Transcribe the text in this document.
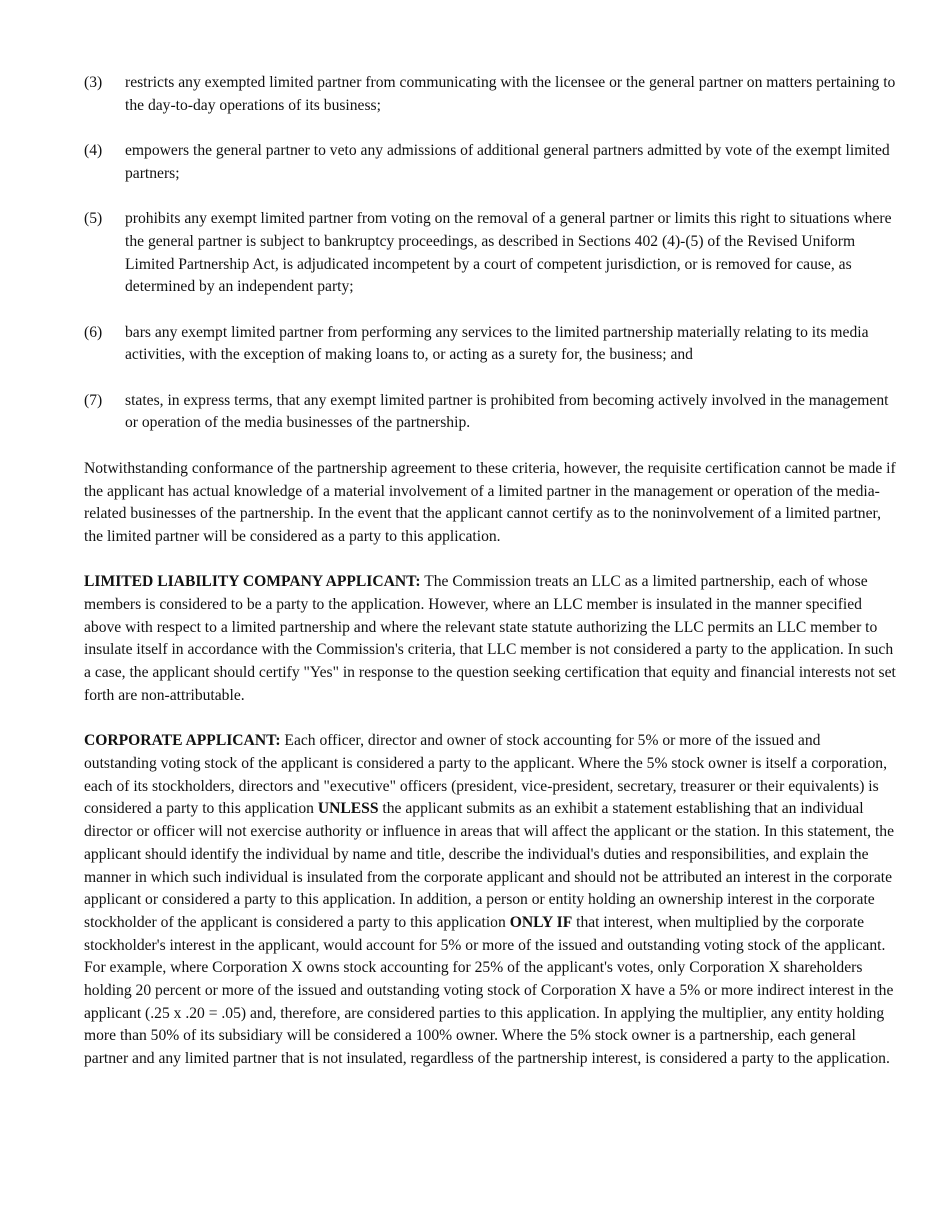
(3) restricts any exempted limited partner from communicating with the licensee or the general partner on matters pertaining to the day-to-day operations of its business;
(4) empowers the general partner to veto any admissions of additional general partners admitted by vote of the exempt limited partners;
(5) prohibits any exempt limited partner from voting on the removal of a general partner or limits this right to situations where the general partner is subject to bankruptcy proceedings, as described in Sections 402 (4)-(5) of the Revised Uniform Limited Partnership Act, is adjudicated incompetent by a court of competent jurisdiction, or is removed for cause, as determined by an independent party;
(6) bars any exempt limited partner from performing any services to the limited partnership materially relating to its media activities, with the exception of making loans to, or acting as a surety for, the business; and
(7) states, in express terms, that any exempt limited partner is prohibited from becoming actively involved in the management or operation of the media businesses of the partnership.

Notwithstanding conformance of the partnership agreement to these criteria, however, the requisite certification cannot be made if the applicant has actual knowledge of a material involvement of a limited partner in the management or operation of the media-related businesses of the partnership. In the event that the applicant cannot certify as to the noninvolvement of a limited partner, the limited partner will be considered as a party to this application.

LIMITED LIABILITY COMPANY APPLICANT: The Commission treats an LLC as a limited partnership, each of whose members is considered to be a party to the application. However, where an LLC member is insulated in the manner specified above with respect to a limited partnership and where the relevant state statute authorizing the LLC permits an LLC member to insulate itself in accordance with the Commission's criteria, that LLC member is not considered a party to the application. In such a case, the applicant should certify "Yes" in response to the question seeking certification that equity and financial interests not set forth are non-attributable.

CORPORATE APPLICANT: Each officer, director and owner of stock accounting for 5% or more of the issued and outstanding voting stock of the applicant is considered a party to the applicant. Where the 5% stock owner is itself a corporation, each of its stockholders, directors and "executive" officers (president, vice-president, secretary, treasurer or their equivalents) is considered a party to this application UNLESS the applicant submits as an exhibit a statement establishing that an individual director or officer will not exercise authority or influence in areas that will affect the applicant or the station. In this statement, the applicant should identify the individual by name and title, describe the individual's duties and responsibilities, and explain the manner in which such individual is insulated from the corporate applicant and should not be attributed an interest in the corporate applicant or considered a party to this application. In addition, a person or entity holding an ownership interest in the corporate stockholder of the applicant is considered a party to this application ONLY IF that interest, when multiplied by the corporate stockholder's interest in the applicant, would account for 5% or more of the issued and outstanding voting stock of the applicant. For example, where Corporation X owns stock accounting for 25% of the applicant's votes, only Corporation X shareholders holding 20 percent or more of the issued and outstanding voting stock of Corporation X have a 5% or more indirect interest in the applicant (.25 x .20 = .05) and, therefore, are considered parties to this application. In applying the multiplier, any entity holding more than 50% of its subsidiary will be considered a 100% owner. Where the 5% stock owner is a partnership, each general partner and any limited partner that is not insulated, regardless of the partnership interest, is considered a party to the application.
